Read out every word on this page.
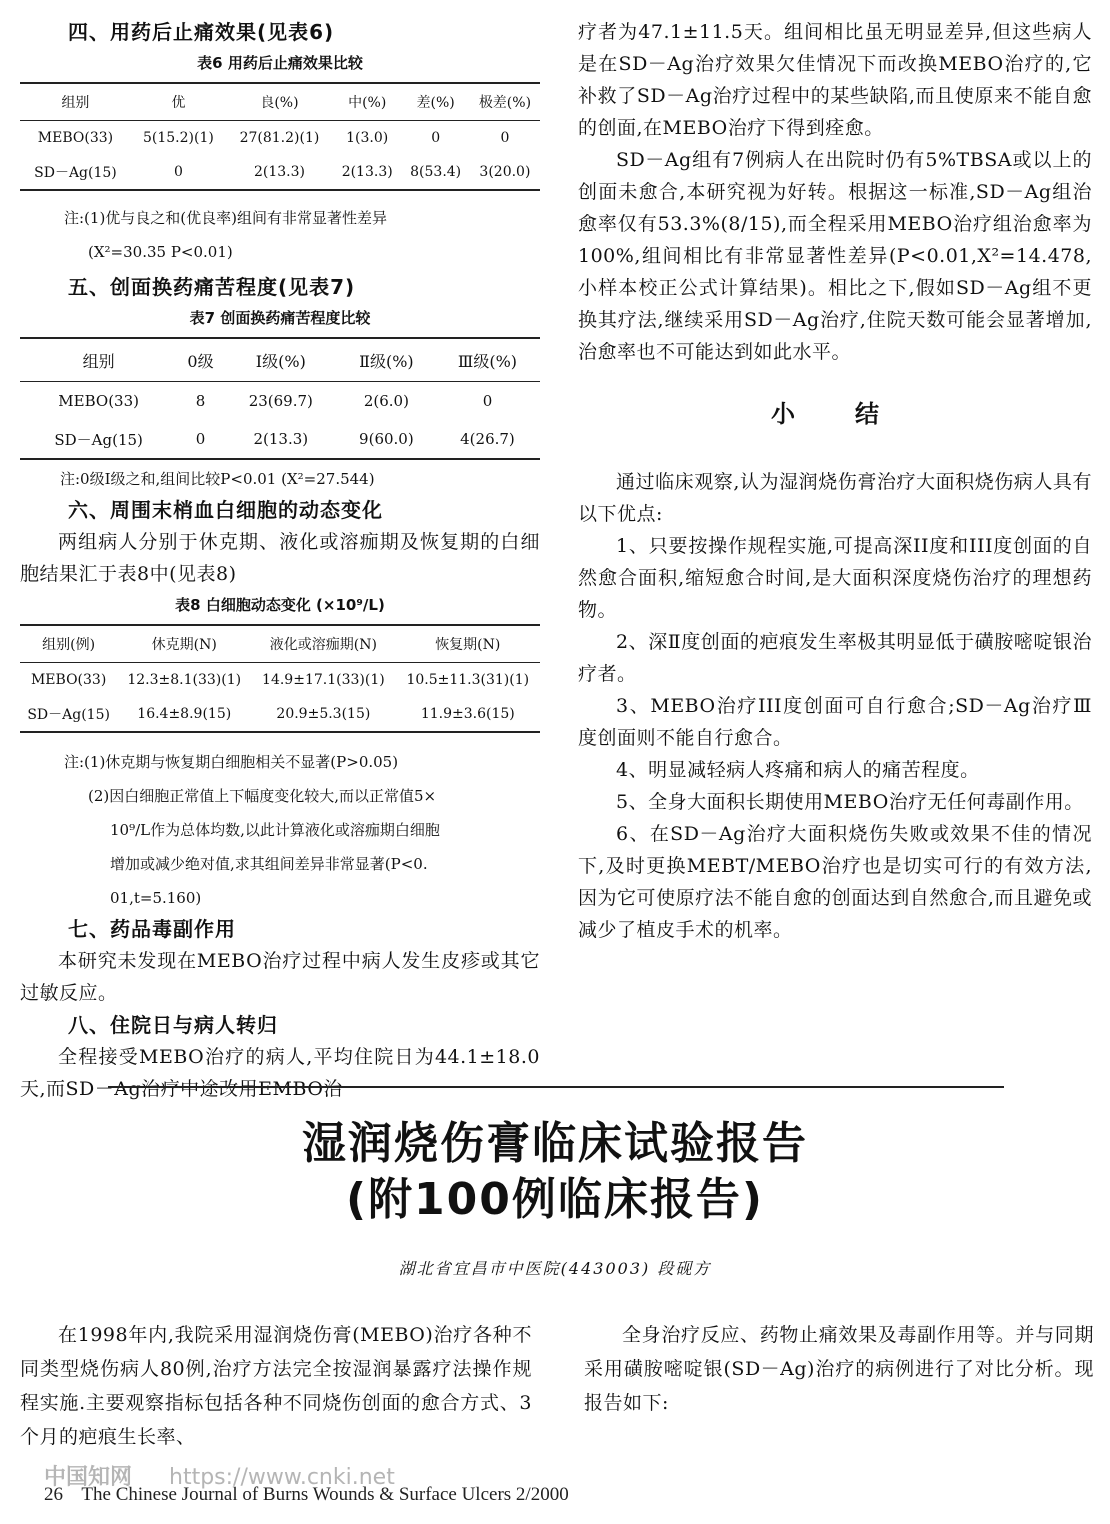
四、用药后止痛效果(见表6)
表6 用药后止痛效果比较
组别	优	良(%)	中(%)	差(%)	极差(%)
MEBO(33)	5(15.2)(1)	27(81.2)(1)	1(3.0)	0	0
SD－Ag(15)	0	2(13.3)	2(13.3)	8(53.4)	3(20.0)
注:(1)优与良之和(优良率)组间有非常显著性差异
(X²=30.35 P<0.01)
五、创面换药痛苦程度(见表7)
表7 创面换药痛苦程度比较
组别	0级	I级(%)	Ⅱ级(%)	Ⅲ级(%)
MEBO(33)	8	23(69.7)	2(6.0)	0
SD－Ag(15)	0	2(13.3)	9(60.0)	4(26.7)
注:0级Ⅰ级之和,组间比较P<0.01 (X²=27.544)
六、周围末梢血白细胞的动态变化

两组病人分别于休克期、液化或溶痂期及恢复期的白细胞结果汇于表8中(见表8)

表8 白细胞动态变化 (×10⁹/L)
组别(例)	休克期(N)	液化或溶痂期(N)	恢复期(N)
MEBO(33)	12.3±8.1(33)(1)	14.9±17.1(33)(1)	10.5±11.3(31)(1)
SD－Ag(15)	16.4±8.9(15)	20.9±5.3(15)	11.9±3.6(15)
注:(1)休克期与恢复期白细胞相关不显著(P>0.05)
(2)因白细胞正常值上下幅度变化较大,而以正常值5×
10⁹/L作为总体均数,以此计算液化或溶痂期白细胞
增加或减少绝对值,求其组间差异非常显著(P<0.
01,t=5.160)
七、药品毒副作用

本研究未发现在MEBO治疗过程中病人发生皮疹或其它过敏反应。

八、住院日与病人转归

全程接受MEBO治疗的病人,平均住院日为44.1±18.0天,而SD－Ag治疗中途改用EMBO治

疗者为47.1±11.5天。组间相比虽无明显差异,但这些病人是在SD－Ag治疗效果欠佳情况下而改换MEBO治疗的,它补救了SD－Ag治疗过程中的某些缺陷,而且使原来不能自愈的创面,在MEBO治疗下得到痊愈。

SD－Ag组有7例病人在出院时仍有5%TBSA或以上的创面未愈合,本研究视为好转。根据这一标准,SD－Ag组治愈率仅有53.3%(8/15),而全程采用MEBO治疗组治愈率为100%,组间相比有非常显著性差异(P<0.01,X²=14.478,小样本校正公式计算结果)。相比之下,假如SD－Ag组不更换其疗法,继续采用SD－Ag治疗,住院天数可能会显著增加,治愈率也不可能达到如此水平。

小结

通过临床观察,认为湿润烧伤膏治疗大面积烧伤病人具有以下优点:

1、只要按操作规程实施,可提高深II度和III度创面的自然愈合面积,缩短愈合时间,是大面积深度烧伤治疗的理想药物。

2、深Ⅱ度创面的疤痕发生率极其明显低于磺胺嘧啶银治疗者。

3、MEBO治疗III度创面可自行愈合;SD－Ag治疗Ⅲ度创面则不能自行愈合。

4、明显减轻病人疼痛和病人的痛苦程度。

5、全身大面积长期使用MEBO治疗无任何毒副作用。

6、在SD－Ag治疗大面积烧伤失败或效果不佳的情况下,及时更换MEBT/MEBO治疗也是切实可行的有效方法,因为它可使原疗法不能自愈的创面达到自然愈合,而且避免或减少了植皮手术的机率。

湿润烧伤膏临床试验报告
(附100例临床报告)
湖北省宜昌市中医院(443003) 段砚方

在1998年内,我院采用湿润烧伤膏(MEBO)治疗各种不同类型烧伤病人80例,治疗方法完全按湿润暴露疗法操作规程实施.主要观察指标包括各种不同烧伤创面的愈合方式、3个月的疤痕生长率、

全身治疗反应、药物止痛效果及毒副作用等。并与同期采用磺胺嘧啶银(SD－Ag)治疗的病例进行了对比分析。现报告如下:

中国知网 https://www.cnki.net
26 The Chinese Journal of Burns Wounds & Surface Ulcers 2/2000
